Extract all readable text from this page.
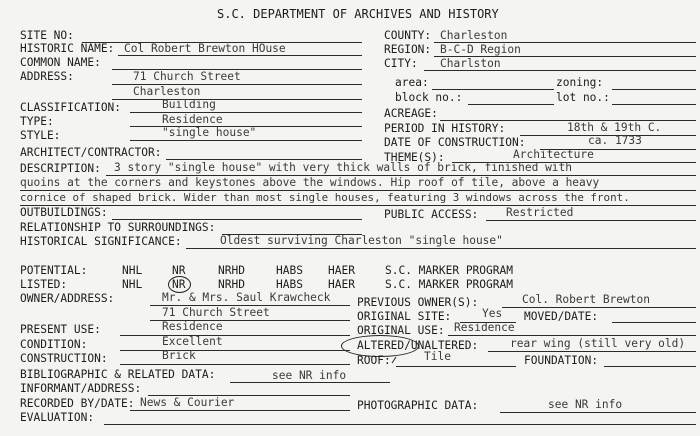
S.C. DEPARTMENT OF ARCHIVES AND HISTORY
SITE NO:
HISTORIC NAME: Col Robert Brewton HOuse
COMMON NAME:
ADDRESS:	71 Church Street
Charleston
CLASSIFICATION:	Building
TYPE:	Residence
STYLE:	"single house"
ARCHITECT/CONTRACTOR:
COUNTY: Charleston
REGION: B-C-D Region
CITY: Charlston
area:	zoning:
block no.:	lot no.:
ACREAGE:
PERIOD IN HISTORY:	18th & 19th C.
DATE OF CONSTRUCTION:	ca. 1733
THEME(S):	Architecture
DESCRIPTION: 3 story "single house" with very thick walls of brick, finished with
quoins at the corners and keystones above the windows. Hip roof of tile, above a heavy
cornice of shaped brick. Wider than most single houses, featuring 3 windows across the front.
OUTBUILDINGS:	PUBLIC ACCESS: Restricted
RELATIONSHIP TO SURROUNDINGS:
HISTORICAL SIGNIFICANCE:	Oldest surviving Charleston "single house"
POTENTIAL:	NHL	NR	NRHD	HABS HAER	S.C. MARKER PROGRAM
LISTED:	NHL	NR	NRHD	HABS HAER	S.C. MARKER PROGRAM
OWNER/ADDRESS:	Mr. & Mrs. Saul Krawcheck
71 Church Street
PREVIOUS OWNER(S):	Col. Robert Brewton
ORIGINAL SITE:	Yes MOVED/DATE:
PRESENT USE:	Residence	ORIGINAL USE: Residence
CONDITION:	Excellent	ALTERED/UNALTERED:	rear wing (still very old)
CONSTRUCTION:	Brick	ROOF:	Tile	FOUNDATION:
BIBLIOGRAPHIC & RELATED DATA:	see NR info
INFORMANT/ADDRESS:
RECORDED BY/DATE: News & Courier	PHOTOGRAPHIC DATA:	see NR info
EVALUATION:
